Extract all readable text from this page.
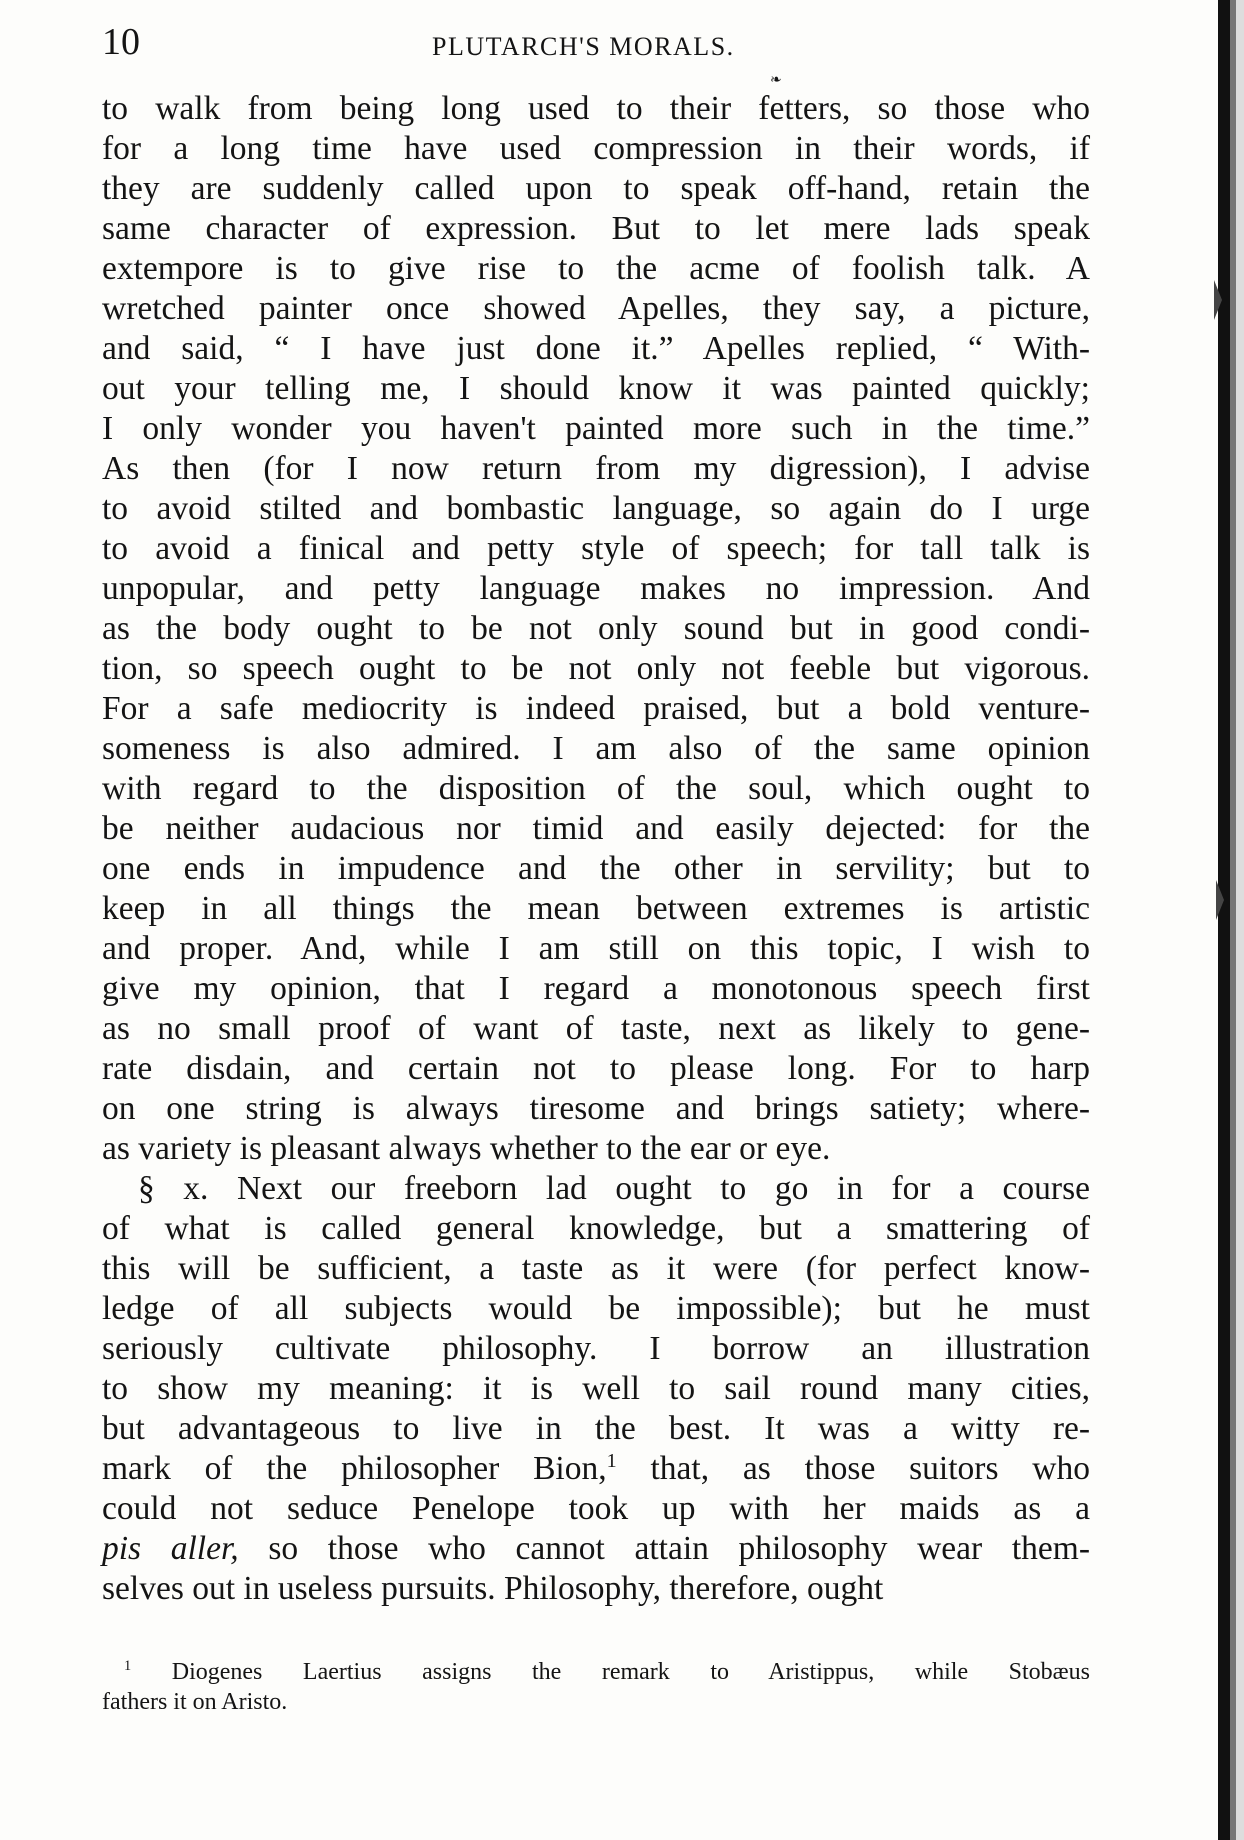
10	PLUTARCH'S MORALS.
❧
to walk from being long used to their fetters, so those who
for a long time have used compression in their words, if
they are suddenly called upon to speak off-hand, retain the
same character of expression. But to let mere lads speak
extempore is to give rise to the acme of foolish talk. A
wretched painter once showed Apelles, they say, a picture,
and said, “ I have just done it.” Apelles replied, “ With-
out your telling me, I should know it was painted quickly;
I only wonder you haven't painted more such in the time.”
As then (for I now return from my digression), I advise
to avoid stilted and bombastic language, so again do I urge
to avoid a finical and petty style of speech; for tall talk is
unpopular, and petty language makes no impression. And
as the body ought to be not only sound but in good condi-
tion, so speech ought to be not only not feeble but vigorous.
For a safe mediocrity is indeed praised, but a bold venture-
someness is also admired. I am also of the same opinion
with regard to the disposition of the soul, which ought to
be neither audacious nor timid and easily dejected: for the
one ends in impudence and the other in servility; but to
keep in all things the mean between extremes is artistic
and proper. And, while I am still on this topic, I wish to
give my opinion, that I regard a monotonous speech first
as no small proof of want of taste, next as likely to gene-
rate disdain, and certain not to please long. For to harp
on one string is always tiresome and brings satiety; where-
as variety is pleasant always whether to the ear or eye.
§ x. Next our freeborn lad ought to go in for a course
of what is called general knowledge, but a smattering of
this will be sufficient, a taste as it were (for perfect know-
ledge of all subjects would be impossible); but he must
seriously cultivate philosophy. I borrow an illustration
to show my meaning: it is well to sail round many cities,
but advantageous to live in the best. It was a witty re-
mark of the philosopher Bion,$^1$ that, as those suitors who
could not seduce Penelope took up with her maids as a
pis aller, so those who cannot attain philosophy wear them-
selves out in useless pursuits. Philosophy, therefore, ought
$^1$ Diogenes Laertius assigns the remark to Aristippus, while Stobæus
fathers it on Aristo.
